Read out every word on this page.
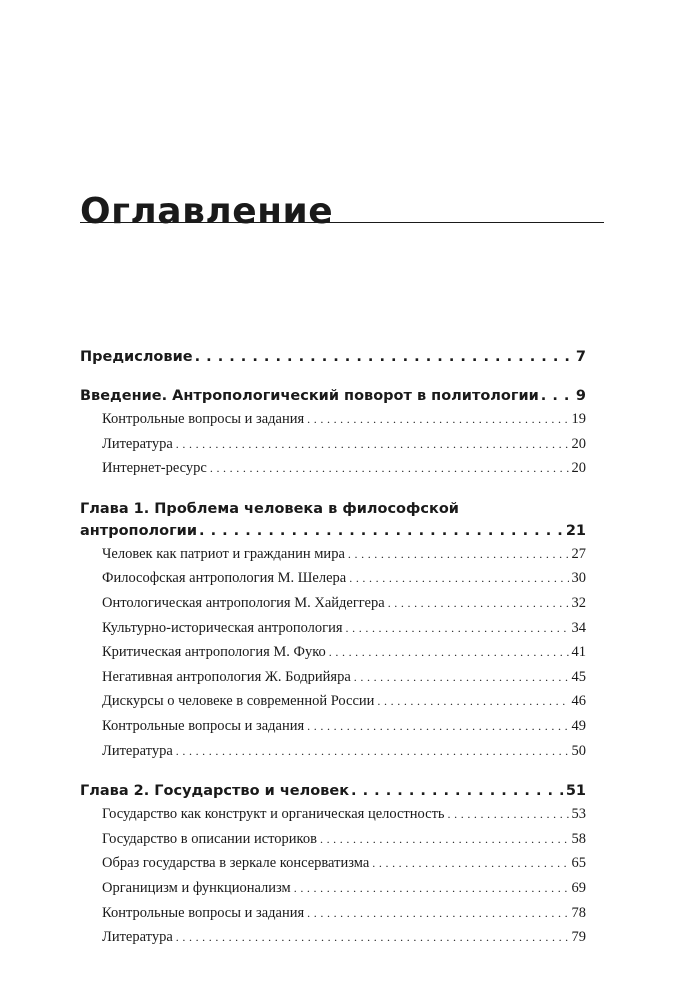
Оглавление
Предисловие . . .	7
Введение. Антропологический поворот в политологии . . .	9
Контрольные вопросы и задания . . .	19
Литература . . .	20
Интернет-ресурс . . .	20
Глава 1. Проблема человека в философской
антропологии . . .	21
Человек как патриот и гражданин мира . . .	27
Философская антропология М. Шелера . . .	30
Онтологическая антропология М. Хайдеггера . . .	32
Культурно-историческая антропология . . .	34
Критическая антропология М. Фуко . . .	41
Негативная антропология Ж. Бодрийяра . . .	45
Дискурсы о человеке в современной России . . .	46
Контрольные вопросы и задания . . .	49
Литература . . .	50
Глава 2. Государство и человек . . .	51
Государство как конструкт и органическая целостность . . .	53
Государство в описании историков . . .	58
Образ государства в зеркале консерватизма . . .	65
Органицизм и функционализм . . .	69
Контрольные вопросы и задания . . .	78
Литература . . .	79
